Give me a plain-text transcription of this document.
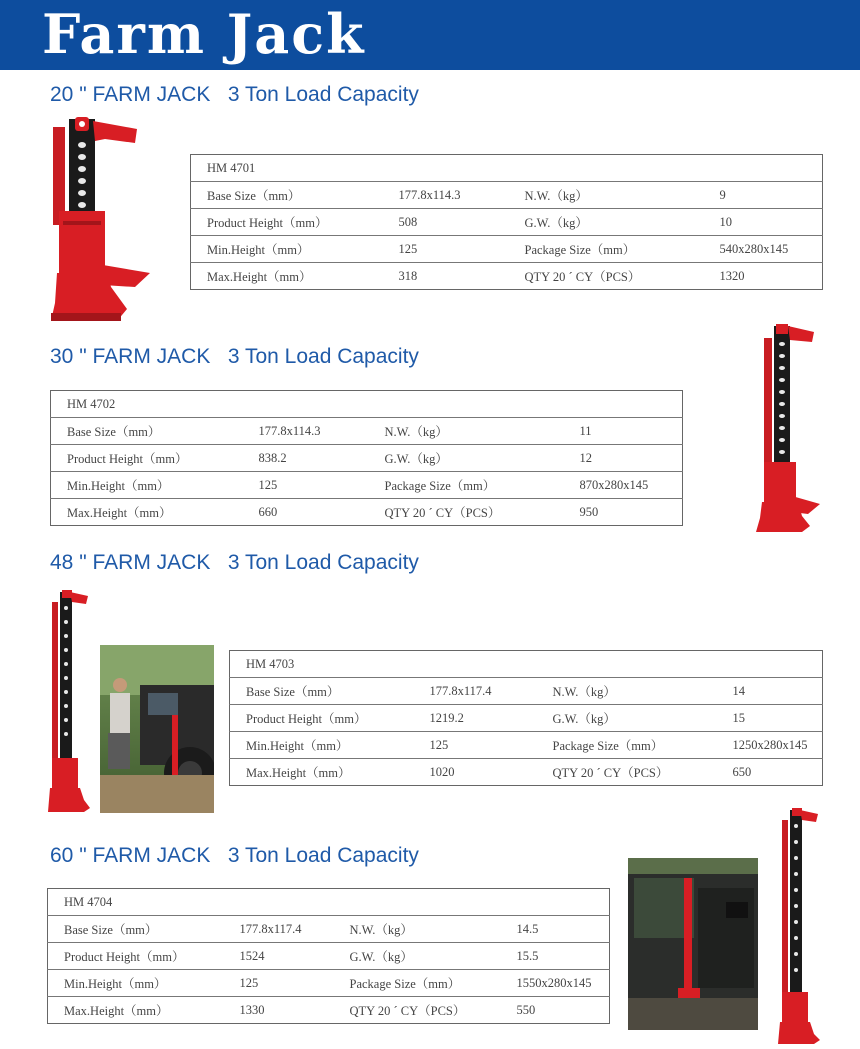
Farm Jack
20 " FARM JACK   3 Ton Load Capacity
HM 4701			
Base Size（mm）	177.8x114.3	N.W.（kg）	9
Product Height（mm）	508	G.W.（kg）	10
Min.Height（mm）	125	Package Size（mm）	540x280x145
Max.Height（mm）	318	QTY 20 ´ CY（PCS）	1320
30 " FARM JACK   3 Ton Load Capacity
HM 4702			
Base Size（mm）	177.8x114.3	N.W.（kg）	11
Product Height（mm）	838.2	G.W.（kg）	12
Min.Height（mm）	125	Package Size（mm）	870x280x145
Max.Height（mm）	660	QTY 20 ´ CY（PCS）	950
48 " FARM JACK   3 Ton Load Capacity
HM 4703			
Base Size（mm）	177.8x117.4	N.W.（kg）	14
Product Height（mm）	1219.2	G.W.（kg）	15
Min.Height（mm）	125	Package Size（mm）	1250x280x145
Max.Height（mm）	1020	QTY 20 ´ CY（PCS）	650
60 " FARM JACK   3 Ton Load Capacity
HM 4704			
Base Size（mm）	177.8x117.4	N.W.（kg）	14.5
Product Height（mm）	1524	G.W.（kg）	15.5
Min.Height（mm）	125	Package Size（mm）	1550x280x145
Max.Height（mm）	1330	QTY 20 ´ CY（PCS）	550
